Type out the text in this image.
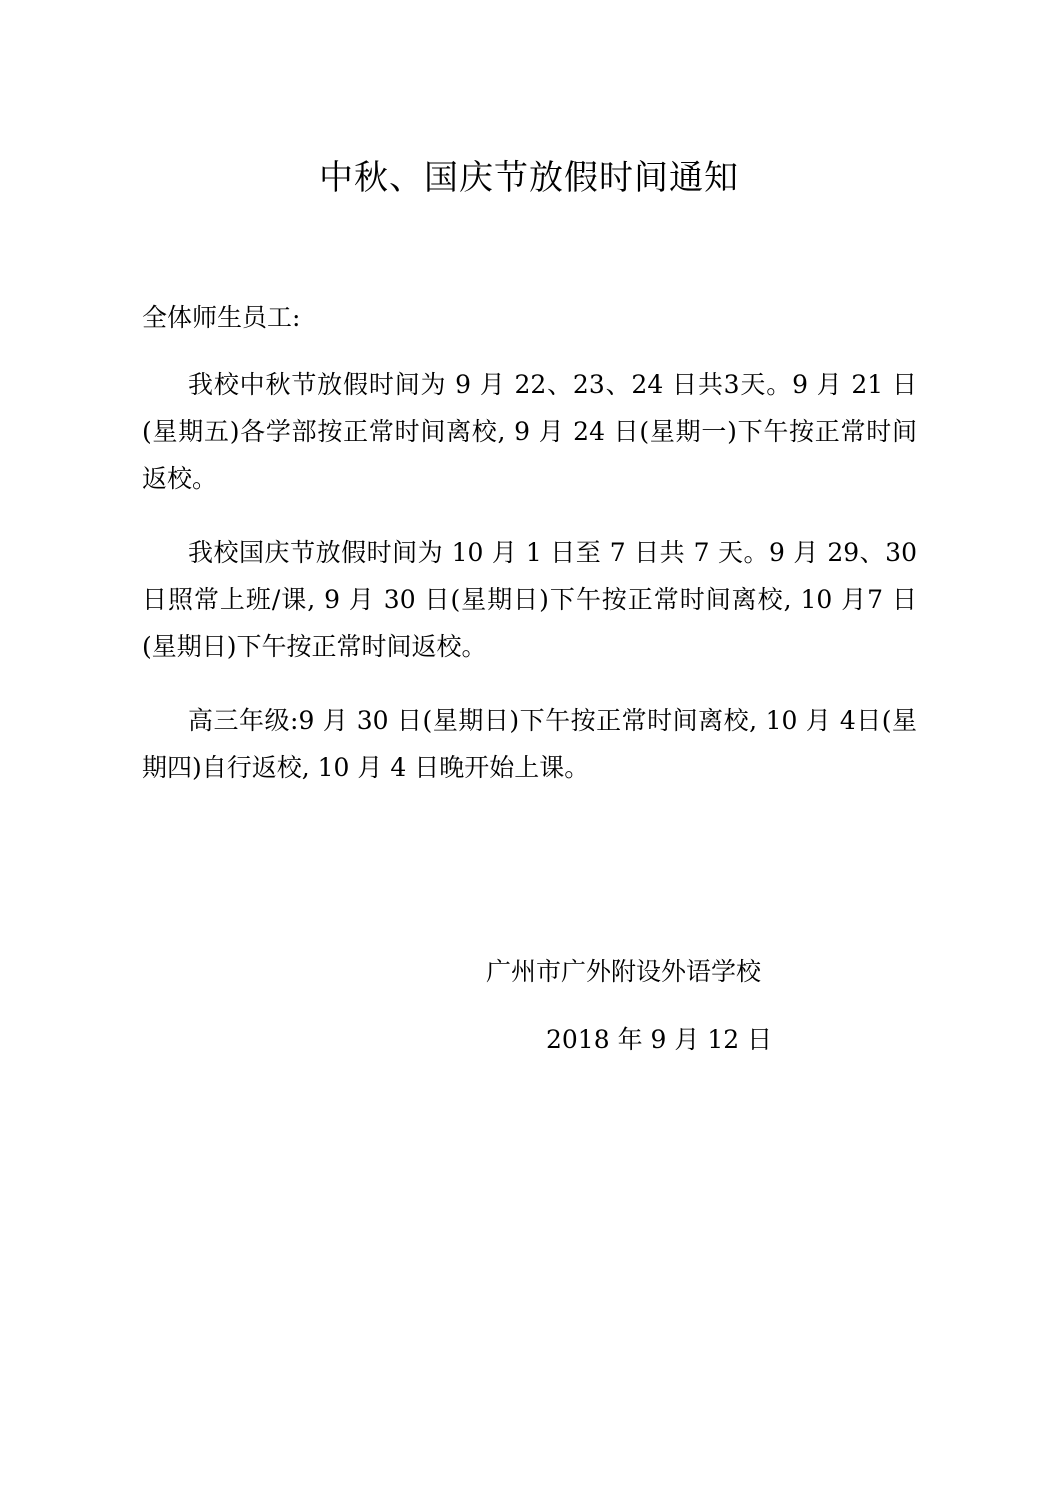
中秋、国庆节放假时间通知

全体师生员工:

我校中秋节放假时间为 9 月 22、23、24 日共3天。9 月 21 日(星期五)各学部按正常时间离校, 9 月 24 日(星期一)下午按正常时间返校。

我校国庆节放假时间为 10 月 1 日至 7 日共 7 天。9 月 29、30日照常上班/课, 9 月 30 日(星期日)下午按正常时间离校, 10 月7 日(星期日)下午按正常时间返校。

高三年级:9 月 30 日(星期日)下午按正常时间离校, 10 月 4日(星期四)自行返校, 10 月 4 日晚开始上课。

广州市广外附设外语学校

2018 年 9 月 12 日
